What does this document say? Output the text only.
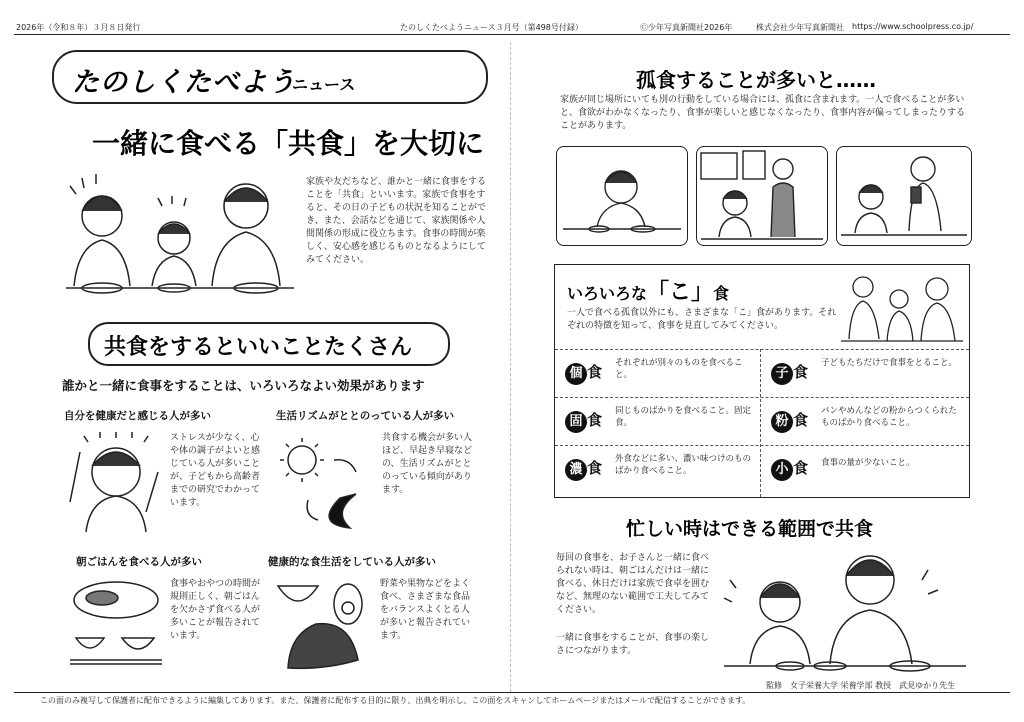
2026年（令和８年）３月８日発行	たのしくたべようニュース３月号（第498号付録）	Ⓒ少年写真新聞社2026年	株式会社少年写真新聞社 https://www.schoolpress.co.jp/
たのしくたべよう
ニュース
一緒に食べる「共食」を大切に
家族や友だちなど、誰かと一緒に食事をすることを「共食」といいます。家族で食事をすると、その日の子どもの状況を知ることができ、また、会話などを通じて、家族関係や人間関係の形成に役立ちます。食事の時間が楽しく、安心感を感じるものとなるようにしてみてください。
共食をするといいことたくさん
誰かと一緒に食事をすることは、いろいろなよい効果があります
自分を健康だと感じる人が多い
ストレスが少なく、心や体の調子がよいと感じている人が多いことが、子どもから高齢者までの研究でわかっています。
生活リズムがととのっている人が多い
共食する機会が多い人ほど、早起き早寝などの、生活リズムがととのっている傾向があります。
朝ごはんを食べる人が多い
食事やおやつの時間が規則正しく、朝ごはんを欠かさず食べる人が多いことが報告されています。
健康的な食生活をしている人が多い
野菜や果物などをよく食べ、さまざまな食品をバランスよくとる人が多いと報告されています。
孤食することが多いと……
家族が同じ場所にいても別の行動をしている場合には、孤食に含まれます。一人で食べることが多いと、食欲がわかなくなったり、食事が楽しいと感じなくなったり、食事内容が偏ってしまったりすることがあります。
いろいろな「こ」食
一人で食べる孤食以外にも、さまざまな「こ」食があります。それぞれの特徴を知って、食事を見直してみてください。
個 食 それぞれが別々のものを食べること。	子 食 子どもたちだけで食事をとること。
固 食 同じものばかりを食べること。固定食。	粉 食 パンやめんなどの粉からつくられたものばかり食べること。
濃 食 外食などに多い、濃い味つけのものばかり食べること。	小 食 食事の量が少ないこと。
忙しい時はできる範囲で共食
毎回の食事を、お子さんと一緒に食べられない時は、朝ごはんだけは一緒に食べる、休日だけは家族で食卓を囲むなど、無理のない範囲で工夫してみてください。
一緒に食事をすることが、食事の楽しさにつながります。
監修　女子栄養大学 栄養学部 教授　武見ゆかり先生
この面のみ複写して保護者に配布できるように編集してあります。また、保護者に配布する目的に限り、出典を明示し、この面をスキャンしてホームページまたはメールで配信することができます。
